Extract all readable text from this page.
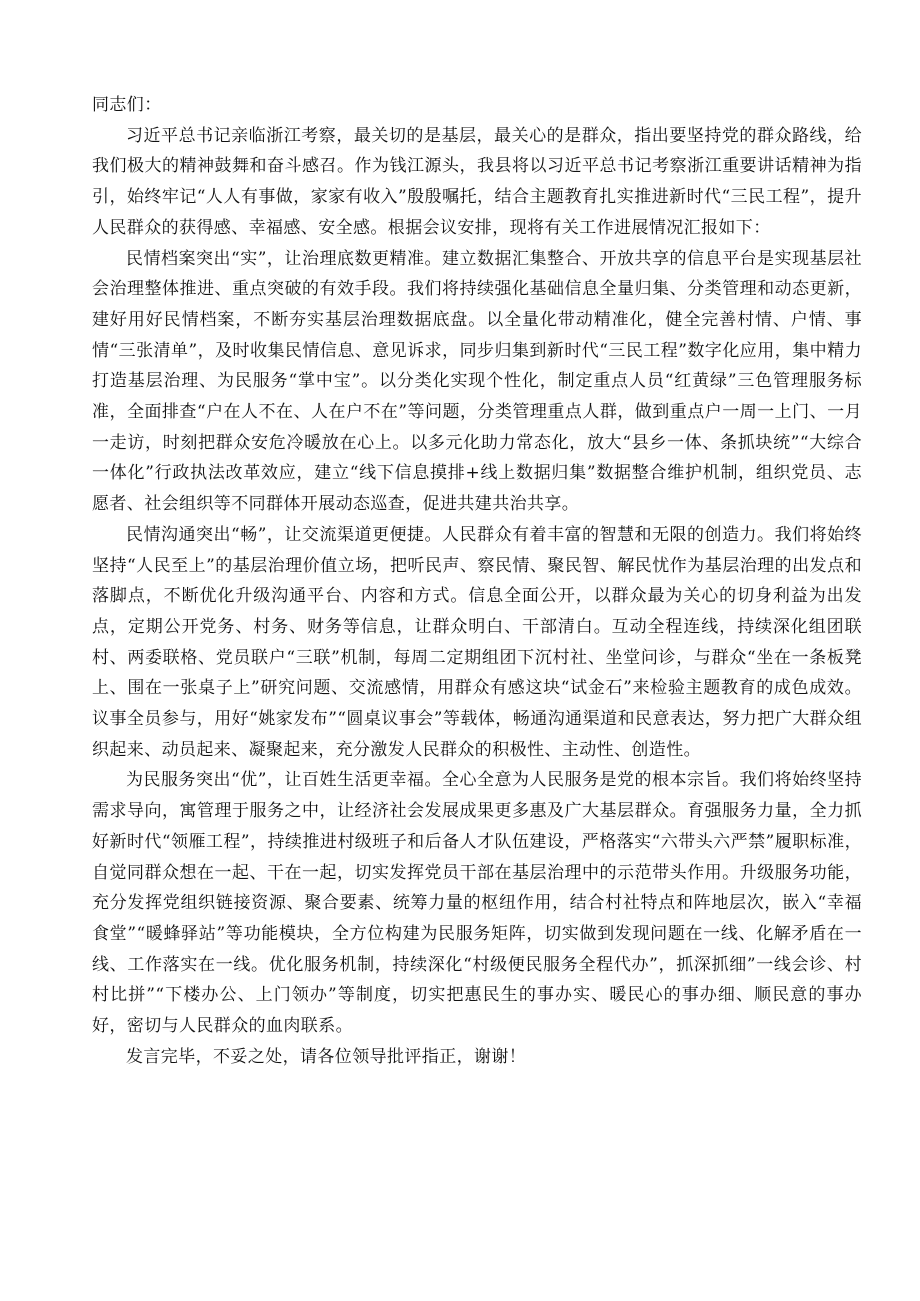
同志们：

习近平总书记亲临浙江考察，最关切的是基层，最关心的是群众，指出要坚持党的群众路线，给我们极大的精神鼓舞和奋斗感召。作为钱江源头，我县将以习近平总书记考察浙江重要讲话精神为指引，始终牢记“人人有事做，家家有收入”殷殷嘱托，结合主题教育扎实推进新时代“三民工程”，提升人民群众的获得感、幸福感、安全感。根据会议安排，现将有关工作进展情况汇报如下：

民情档案突出“实”，让治理底数更精准。建立数据汇集整合、开放共享的信息平台是实现基层社会治理整体推进、重点突破的有效手段。我们将持续强化基础信息全量归集、分类管理和动态更新，建好用好民情档案，不断夯实基层治理数据底盘。以全量化带动精准化，健全完善村情、户情、事情“三张清单”，及时收集民情信息、意见诉求，同步归集到新时代“三民工程”数字化应用，集中精力打造基层治理、为民服务“掌中宝”。以分类化实现个性化，制定重点人员“红黄绿”三色管理服务标准，全面排查“户在人不在、人在户不在”等问题，分类管理重点人群，做到重点户一周一上门、一月一走访，时刻把群众安危冷暖放在心上。以多元化助力常态化，放大“县乡一体、条抓块统”“大综合一体化”行政执法改革效应，建立“线下信息摸排+线上数据归集”数据整合维护机制，组织党员、志愿者、社会组织等不同群体开展动态巡查，促进共建共治共享。

民情沟通突出“畅”，让交流渠道更便捷。人民群众有着丰富的智慧和无限的创造力。我们将始终坚持“人民至上”的基层治理价值立场，把听民声、察民情、聚民智、解民忧作为基层治理的出发点和落脚点，不断优化升级沟通平台、内容和方式。信息全面公开，以群众最为关心的切身利益为出发点，定期公开党务、村务、财务等信息，让群众明白、干部清白。互动全程连线，持续深化组团联村、两委联格、党员联户“三联”机制，每周二定期组团下沉村社、坐堂问诊，与群众“坐在一条板凳上、围在一张桌子上”研究问题、交流感情，用群众有感这块“试金石”来检验主题教育的成色成效。议事全员参与，用好“姚家发布”“圆桌议事会”等载体，畅通沟通渠道和民意表达，努力把广大群众组织起来、动员起来、凝聚起来，充分激发人民群众的积极性、主动性、创造性。

为民服务突出“优”，让百姓生活更幸福。全心全意为人民服务是党的根本宗旨。我们将始终坚持需求导向，寓管理于服务之中，让经济社会发展成果更多惠及广大基层群众。育强服务力量，全力抓好新时代“领雁工程”，持续推进村级班子和后备人才队伍建设，严格落实“六带头六严禁”履职标准，自觉同群众想在一起、干在一起，切实发挥党员干部在基层治理中的示范带头作用。升级服务功能，充分发挥党组织链接资源、聚合要素、统筹力量的枢纽作用，结合村社特点和阵地层次，嵌入“幸福食堂”“暖蜂驿站”等功能模块，全方位构建为民服务矩阵，切实做到发现问题在一线、化解矛盾在一线、工作落实在一线。优化服务机制，持续深化“村级便民服务全程代办”，抓深抓细”一线会诊、村村比拼”“下楼办公、上门领办”等制度，切实把惠民生的事办实、暖民心的事办细、顺民意的事办好，密切与人民群众的血肉联系。

发言完毕，不妥之处，请各位领导批评指正，谢谢！
